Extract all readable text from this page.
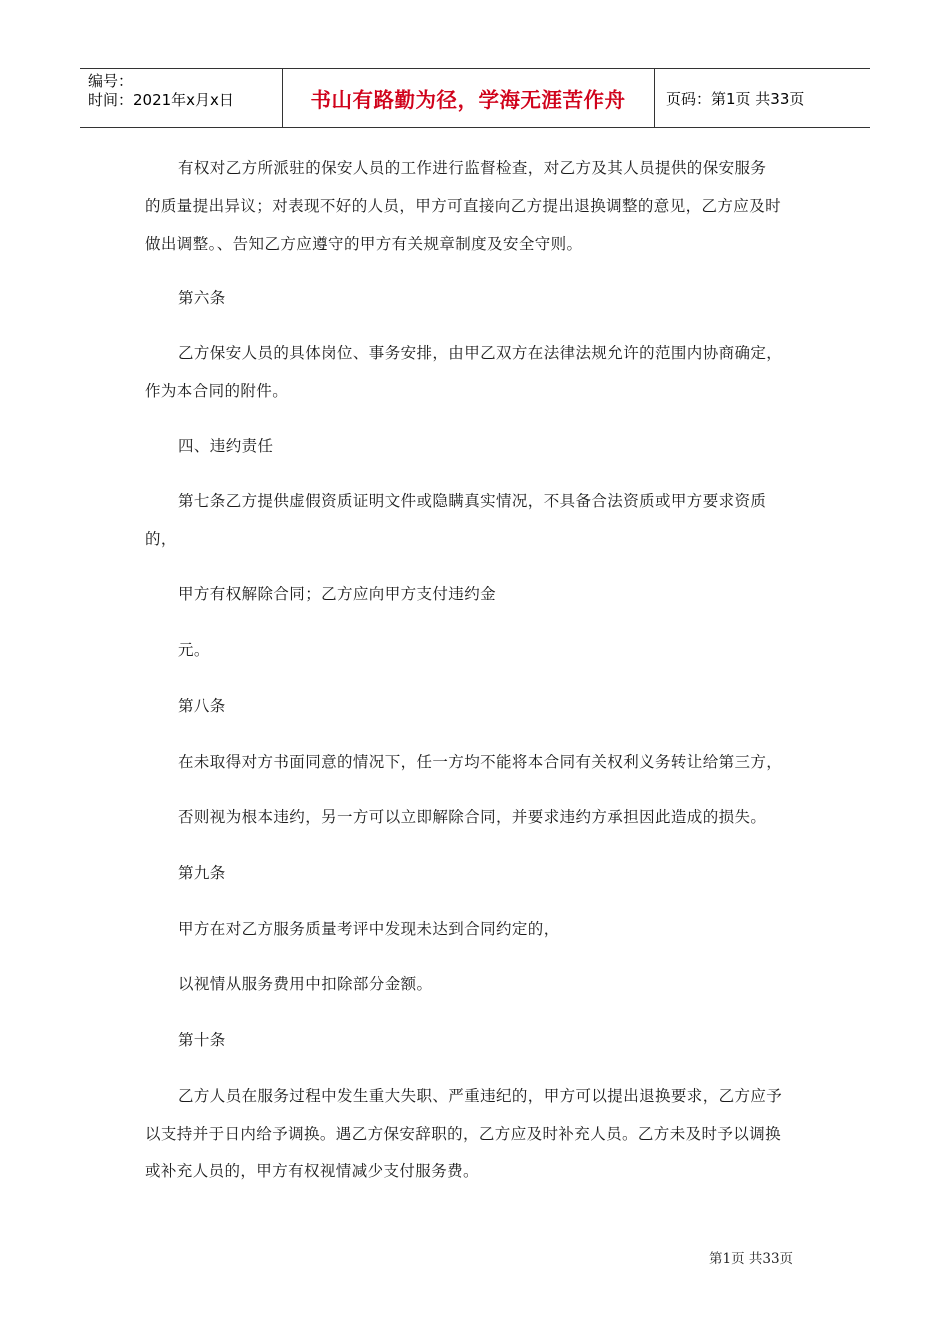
编号：
时间：2021年x月x日	书山有路勤为径，学海无涯苦作舟	页码：第1页 共33页
有权对乙方所派驻的保安人员的工作进行监督检查，对乙方及其人员提供的保安服务
的质量提出异议；对表现不好的人员，甲方可直接向乙方提出退换调整的意见，乙方应及时
做出调整。、告知乙方应遵守的甲方有关规章制度及安全守则。
第六条
乙方保安人员的具体岗位、事务安排，由甲乙双方在法律法规允许的范围内协商确定，
作为本合同的附件。
四、违约责任
第七条乙方提供虚假资质证明文件或隐瞒真实情况，不具备合法资质或甲方要求资质
的，
甲方有权解除合同；乙方应向甲方支付违约金
元。
第八条
在未取得对方书面同意的情况下，任一方均不能将本合同有关权利义务转让给第三方，
否则视为根本违约，另一方可以立即解除合同，并要求违约方承担因此造成的损失。
第九条
甲方在对乙方服务质量考评中发现未达到合同约定的，
以视情从服务费用中扣除部分金额。
第十条
乙方人员在服务过程中发生重大失职、严重违纪的，甲方可以提出退换要求，乙方应予
以支持并于日内给予调换。遇乙方保安辞职的，乙方应及时补充人员。乙方未及时予以调换
或补充人员的，甲方有权视情减少支付服务费。
第1页 共33页
